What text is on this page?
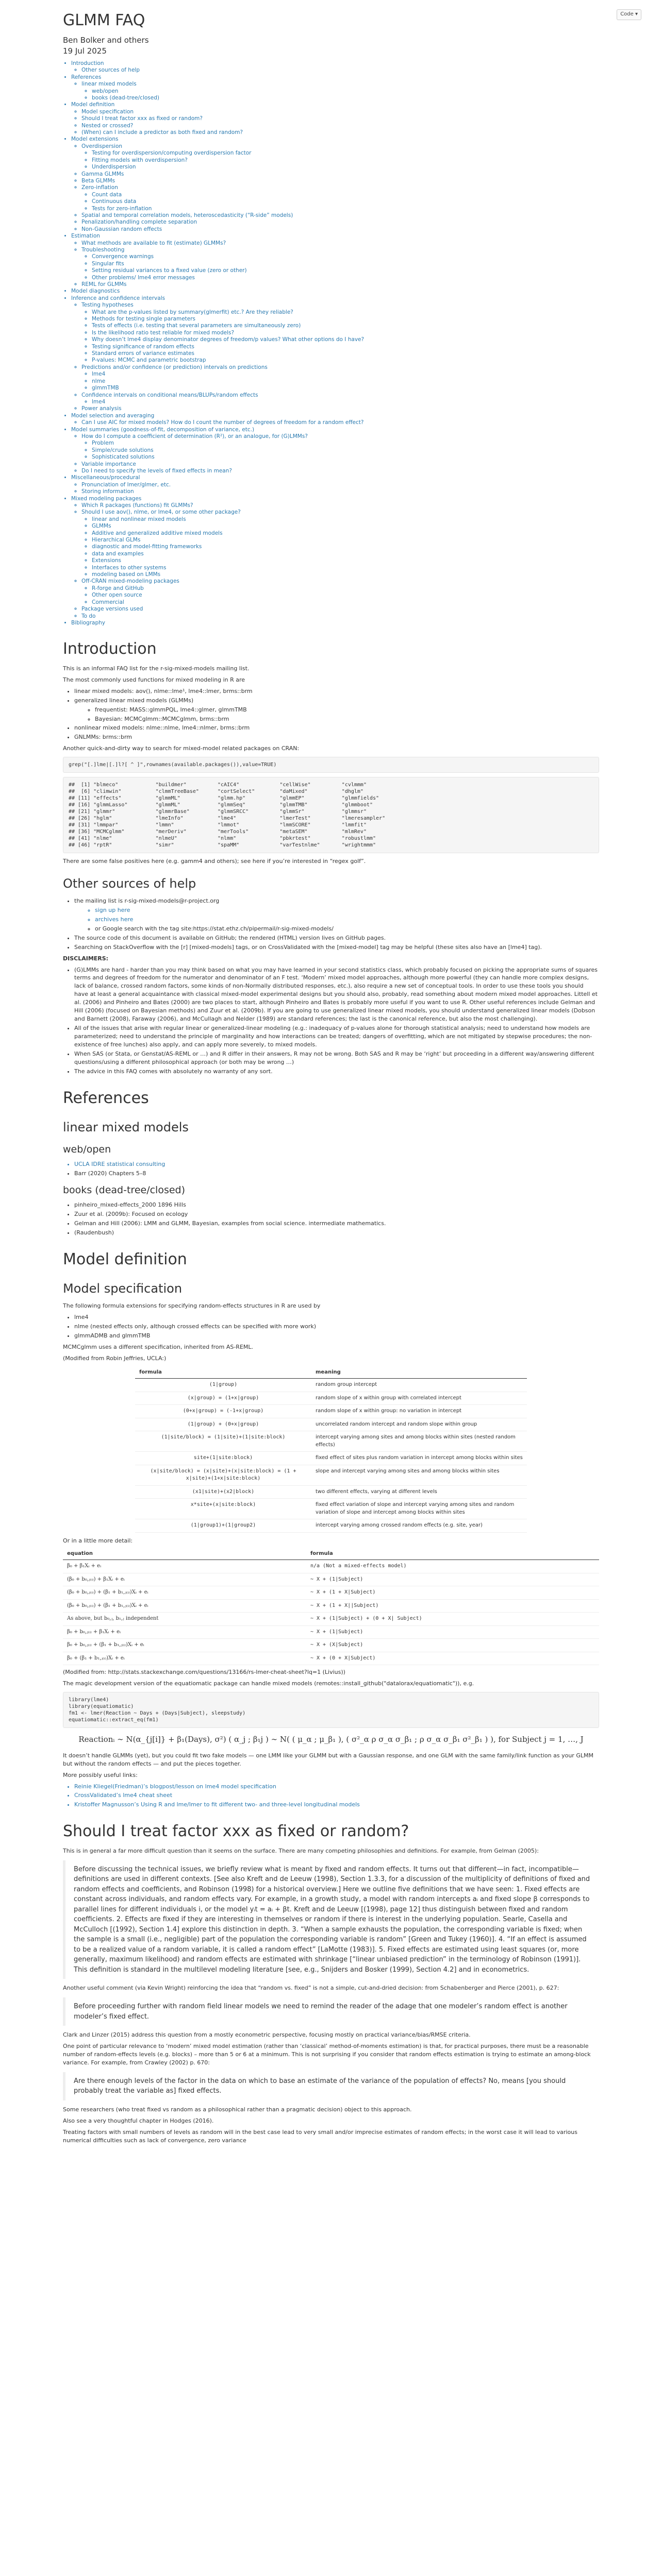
Code ▾
GLMM FAQ

Ben Bolker and others

19 Jul 2025

• Introduction
◦ Other sources of help
• References
◦ linear mixed models
◦ web/open
◦ books (dead-tree/closed)
• Model definition
◦ Model specification
◦ Should I treat factor xxx as fixed or random?
◦ Nested or crossed?
◦ (When) can I include a predictor as both fixed and random?
• Model extensions
◦ Overdispersion
◦ Testing for overdispersion/computing overdispersion factor
◦ Fitting models with overdispersion?
◦ Underdispersion
◦ Gamma GLMMs
◦ Beta GLMMs
◦ Zero-inflation
◦ Count data
◦ Continuous data
◦ Tests for zero-inflation
◦ Spatial and temporal correlation models, heteroscedasticity (“R-side” models)
◦ Penalization/handling complete separation
◦ Non-Gaussian random effects
• Estimation
◦ What methods are available to fit (estimate) GLMMs?
◦ Troubleshooting
◦ Convergence warnings
◦ Singular fits
◦ Setting residual variances to a fixed value (zero or other)
◦ Other problems/ lme4 error messages
◦ REML for GLMMs
• Model diagnostics
• Inference and confidence intervals
◦ Testing hypotheses
◦ What are the p-values listed by summary(glmerfit) etc.? Are they reliable?
◦ Methods for testing single parameters
◦ Tests of effects (i.e. testing that several parameters are simultaneously zero)
◦ Is the likelihood ratio test reliable for mixed models?
◦ Why doesn’t lme4 display denominator degrees of freedom/p values? What other options do I have?
◦ Testing significance of random effects
◦ Standard errors of variance estimates
◦ P-values: MCMC and parametric bootstrap
◦ Predictions and/or confidence (or prediction) intervals on predictions
◦ lme4
◦ nlme
◦ glmmTMB
◦ Confidence intervals on conditional means/BLUPs/random effects
◦ lme4
◦ Power analysis
• Model selection and averaging
◦ Can I use AIC for mixed models? How do I count the number of degrees of freedom for a random effect?
• Model summaries (goodness-of-fit, decomposition of variance, etc.)
◦ How do I compute a coefficient of determination (R²), or an analogue, for (G)LMMs?
◦ Problem
◦ Simple/crude solutions
◦ Sophisticated solutions
◦ Variable importance
◦ Do I need to specify the levels of fixed effects in mean?
• Miscellaneous/procedural
◦ Pronunciation of lmer/glmer, etc.
◦ Storing information
• Mixed modeling packages
◦ Which R packages (functions) fit GLMMs?
◦ Should I use aov(), nlme, or lme4, or some other package?
◦ linear and nonlinear mixed models
◦ GLMMs
◦ Additive and generalized additive mixed models
◦ Hierarchical GLMs
◦ diagnostic and model-fitting frameworks
◦ data and examples
◦ Extensions
◦ Interfaces to other systems
◦ modeling based on LMMs
◦ Off-CRAN mixed-modeling packages
◦ R-forge and GitHub
◦ Other open source
◦ Commercial
◦ Package versions used
◦ To do
• Bibliography
Introduction

This is an informal FAQ list for the r-sig-mixed-models mailing list.

The most commonly used functions for mixed modeling in R are

• linear mixed models: aov(), nlme::lme¹, lme4::lmer, brms::brm
• generalized linear mixed models (GLMMs)
◦ frequentist: MASS::glmmPQL, lme4::glmer, glmmTMB
◦ Bayesian: MCMCglmm::MCMCglmm, brms::brm
• nonlinear mixed models: nlme::nlme, lme4::nlmer, brms::brm
• GNLMMs: brms::brm

Another quick-and-dirty way to search for mixed-model related packages on CRAN:

grep("[.]lme|[.]l?[ ^ ]",rownames(available.packages()),value=TRUE)
##  [1] "blmeco"            "buildmer"          "cAIC4"             "cellWise"          "cvlmmm"
##  [6] "climwin"           "clmmTreeBase"      "cortSelect"        "daMixed"           "dhglm"
## [11] "effects"           "glmmML"            "glmm.hp"           "glmmEP"            "glmmfields"
## [16] "glmmLasso"         "glmmML"            "glmmSeq"           "glmmTMB"           "glmmboot"
## [21] "glmmr"             "glmmrBase"         "glmmSRCC"          "glmmSr"            "glmmsr"
## [26] "hglm"              "lmeInfo"           "lme4"              "lmerTest"          "lmeresampler"
## [31] "lmmpar"            "lmmn"              "lmmot"             "lmmSCORE"          "lmmfit"
## [36] "MCMCglmm"          "merDeriv"          "merTools"          "metaSEM"           "mlmRev"
## [41] "nlme"              "nlmeU"             "nlmm"              "pbkrtest"          "robustlmm"
## [46] "rptR"              "simr"              "spaMM"             "varTestnlme"       "wrightmmm"

There are some false positives here (e.g. gamm4 and others); see here if you’re interested in “regex golf”.

Other sources of help
• the mailing list is r-sig-mixed-models@r-project.org
◦ sign up here
◦ archives here
◦ or Google search with the tag site:https://stat.ethz.ch/pipermail/r-sig-mixed-models/
• The source code of this document is available on GitHub; the rendered (HTML) version lives on GitHub pages.
• Searching on StackOverflow with the [r] [mixed-models] tags, or on CrossValidated with the [mixed-model] tag may be helpful (these sites also have an [lme4] tag).

DISCLAIMERS:

• (G)LMMs are hard - harder than you may think based on what you may have learned in your second statistics class, which probably focused on picking the appropriate sums of squares terms and degrees of freedom for the numerator and denominator of an F test. ‘Modern’ mixed model approaches, although more powerful (they can handle more complex designs, lack of balance, crossed random factors, some kinds of non-Normally distributed responses, etc.), also require a new set of conceptual tools. In order to use these tools you should have at least a general acquaintance with classical mixed-model experimental designs but you should also, probably, read something about modern mixed model approaches. Littell et al. (2006) and Pinheiro and Bates (2000) are two places to start, although Pinheiro and Bates is probably more useful if you want to use R. Other useful references include Gelman and Hill (2006) (focused on Bayesian methods) and Zuur et al. (2009b). If you are going to use generalized linear mixed models, you should understand generalized linear models (Dobson and Barnett (2008), Faraway (2006), and McCullagh and Nelder (1989) are standard references; the last is the canonical reference, but also the most challenging).
• All of the issues that arise with regular linear or generalized-linear modeling (e.g.: inadequacy of p-values alone for thorough statistical analysis; need to understand how models are parameterized; need to understand the principle of marginality and how interactions can be treated; dangers of overfitting, which are not mitigated by stepwise procedures; the non-existence of free lunches) also apply, and can apply more severely, to mixed models.
• When SAS (or Stata, or Genstat/AS-REML or …) and R differ in their answers, R may not be wrong. Both SAS and R may be ‘right’ but proceeding in a different way/answering different questions/using a different philosophical approach (or both may be wrong …)
• The advice in this FAQ comes with absolutely no warranty of any sort.
References
linear mixed models
web/open
• UCLA IDRE statistical consulting
• Barr (2020) Chapters 5–8
books (dead-tree/closed)
• pinheiro_mixed-effects_2000 1896 Hills
• Zuur et al. (2009b): Focused on ecology
• Gelman and Hill (2006): LMM and GLMM, Bayesian, examples from social science. intermediate mathematics.
• (Raudenbush)
Model definition
Model specification

The following formula extensions for specifying random-effects structures in R are used by

• lme4
• nlme (nested effects only, although crossed effects can be specified with more work)
• glmmADMB and glmmTMB

MCMCglmm uses a different specification, inherited from AS-REML.

(Modified from Robin Jeffries, UCLA:)

formula	meaning
(1|group)	random group intercept
(x|group) = (1+x|group)	random slope of x within group with correlated intercept
(0+x|group) = (-1+x|group)	random slope of x within group: no variation in intercept
(1|group) + (0+x|group)	uncorrelated random intercept and random slope within group
(1|site/block) = (1|site)+(1|site:block)	intercept varying among sites and among blocks within sites (nested random effects)
site+(1|site:block)	fixed effect of sites plus random variation in intercept among blocks within sites
(x|site/block) = (x|site)+(x|site:block) = (1 + x|site)+(1+x|site:block)	slope and intercept varying among sites and among blocks within sites
(x1|site)+(x2|block)	two different effects, varying at different levels
x*site+(x|site:block)	fixed effect variation of slope and intercept varying among sites and random variation of slope and intercept among blocks within sites
(1|group1)+(1|group2)	intercept varying among crossed random effects (e.g. site, year)

Or in a little more detail:

equation	formula
β₀ + β₁Xᵢ + eᵢ	n/a (Not a mixed-effects model)
(β₀ + b₀,ⱼ₍ᵢ₎) + β₁Xᵢ + eᵢ	∼ X + (1|Subject)
(β₀ + b₀,ⱼ₍ᵢ₎) + (β₁ + b₁,ⱼ₍ᵢ₎)Xᵢ + eᵢ	~ X + (1 + X|Subject)
(β₀ + b₀,ⱼ₍ᵢ₎) + (β₁ + b₁,ⱼ₍ᵢ₎)Xᵢ + eᵢ	~ X + (1 + X||Subject)
As above, but b₀,ⱼ, b₁,ⱼ independent	~ X + (1|Subject) + (0 + X| Subject)
β₀ + b₀,ⱼ₍ᵢ₎ + β₁Xᵢ + eᵢ	~ X + (1|Subject)
β₀ + b₀,ⱼ₍ᵢ₎ + (β₁ + b₁,ⱼ₍ᵢ₎)Xᵢ + eᵢ	~ X + (X|Subject)
β₀ + (β₁ + b₁,ⱼ₍ᵢ₎)Xᵢ + eᵢ	~ X + (0 + X|Subject)

(Modified from: http://stats.stackexchange.com/questions/13166/rs-lmer-cheat-sheet?lq=1 (Livius))

The magic development version of the equatiomatic package can handle mixed models (remotes::install_github("datalorax/equatiomatic")), e.g.

library(lme4)
library(equatiomatic)
fm1 <- lmer(Reaction ~ Days + (Days|Subject), sleepstudy)
equatiomatic::extract_eq(fm1)
Reactionᵢ ∼ N(α_{j[i]} + β₁(Days), σ²) ( α_j ; β₁j ) ∼ N( ( μ_α ; μ_β₁ ), ( σ²_α ρ σ_α σ_β₁ ; ρ σ_α σ_β₁ σ²_β₁ ) ), for Subject j = 1, …, J

It doesn’t handle GLMMs (yet), but you could fit two fake models — one LMM like your GLMM but with a Gaussian response, and one GLM with the same family/link function as your GLMM but without the random effects — and put the pieces together.

More possibly useful links:

• Reinie Kliegel(Friedman)’s blogpost/lesson on lme4 model specification
• CrossValidated’s lme4 cheat sheet
• Kristoffer Magnusson’s Using R and lme/lmer to fit different two- and three-level longitudinal models
Should I treat factor xxx as fixed or random?

This is in general a far more difficult question than it seems on the surface. There are many competing philosophies and definitions. For example, from Gelman (2005):

Before discussing the technical issues, we briefly review what is meant by fixed and random effects. It turns out that different—in fact, incompatible—definitions are used in different contexts. [See also Kreft and de Leeuw (1998), Section 1.3.3, for a discussion of the multiplicity of definitions of fixed and random effects and coefficients, and Robinson (1998) for a historical overview.] Here we outline five definitions that we have seen: 1. Fixed effects are constant across individuals, and random effects vary. For example, in a growth study, a model with random intercepts aᵢ and fixed slope β corresponds to parallel lines for different individuals i, or the model yᵢt = aᵢ + βt. Kreft and de Leeuw [(1998), page 12] thus distinguish between fixed and random coefficients. 2. Effects are fixed if they are interesting in themselves or random if there is interest in the underlying population. Searle, Casella and McCulloch [(1992), Section 1.4] explore this distinction in depth. 3. “When a sample exhausts the population, the corresponding variable is fixed; when the sample is a small (i.e., negligible) part of the population the corresponding variable is random” [Green and Tukey (1960)]. 4. “If an effect is assumed to be a realized value of a random variable, it is called a random effect” [LaMotte (1983)]. 5. Fixed effects are estimated using least squares (or, more generally, maximum likelihood) and random effects are estimated with shrinkage [“linear unbiased prediction” in the terminology of Robinson (1991)]. This definition is standard in the multilevel modeling literature [see, e.g., Snijders and Bosker (1999), Section 4.2] and in econometrics.

Another useful comment (via Kevin Wright) reinforcing the idea that “random vs. fixed” is not a simple, cut-and-dried decision: from Schabenberger and Pierce (2001), p. 627:

Before proceeding further with random field linear models we need to remind the reader of the adage that one modeler’s random effect is another modeler’s fixed effect.

Clark and Linzer (2015) address this question from a mostly econometric perspective, focusing mostly on practical variance/bias/RMSE criteria.

One point of particular relevance to ‘modern’ mixed model estimation (rather than ‘classical’ method-of-moments estimation) is that, for practical purposes, there must be a reasonable number of random-effects levels (e.g. blocks) – more than 5 or 6 at a minimum. This is not surprising if you consider that random effects estimation is trying to estimate an among-block variance. For example, from Crawley (2002) p. 670:

Are there enough levels of the factor in the data on which to base an estimate of the variance of the population of effects? No, means [you should probably treat the variable as] fixed effects.

Some researchers (who treat fixed vs random as a philosophical rather than a pragmatic decision) object to this approach.

Also see a very thoughtful chapter in Hodges (2016).

Treating factors with small numbers of levels as random will in the best case lead to very small and/or imprecise estimates of random effects; in the worst case it will lead to various numerical difficulties such as lack of convergence, zero variance
